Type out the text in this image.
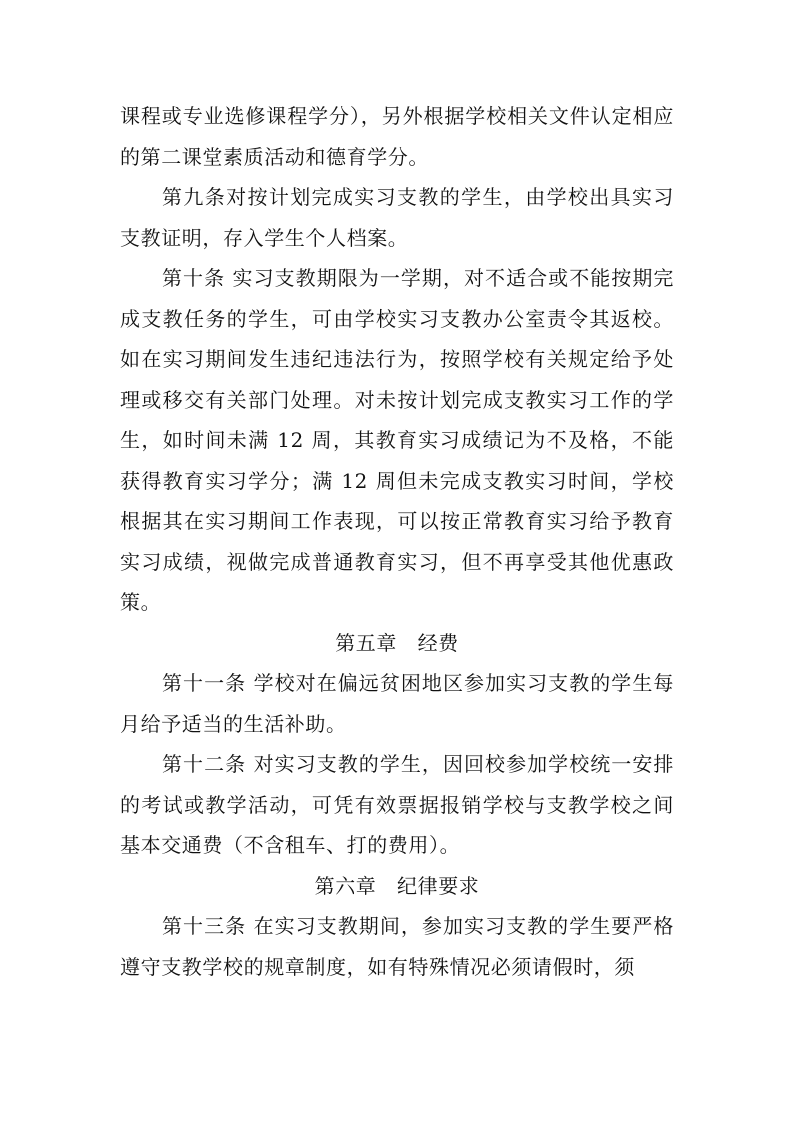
课程或专业选修课程学分），另外根据学校相关文件认定相应的第二课堂素质活动和德育学分。

第九条对按计划完成实习支教的学生，由学校出具实习支教证明，存入学生个人档案。

第十条 实习支教期限为一学期，对不适合或不能按期完成支教任务的学生，可由学校实习支教办公室责令其返校。如在实习期间发生违纪违法行为，按照学校有关规定给予处理或移交有关部门处理。对未按计划完成支教实习工作的学生，如时间未满 12 周，其教育实习成绩记为不及格，不能获得教育实习学分；满 12 周但未完成支教实习时间，学校根据其在实习期间工作表现，可以按正常教育实习给予教育实习成绩，视做完成普通教育实习，但不再享受其他优惠政策。

第五章　经费

第十一条 学校对在偏远贫困地区参加实习支教的学生每月给予适当的生活补助。

第十二条 对实习支教的学生，因回校参加学校统一安排的考试或教学活动，可凭有效票据报销学校与支教学校之间基本交通费（不含租车、打的费用）。

第六章　纪律要求

第十三条 在实习支教期间，参加实习支教的学生要严格遵守支教学校的规章制度，如有特殊情况必须请假时，须
